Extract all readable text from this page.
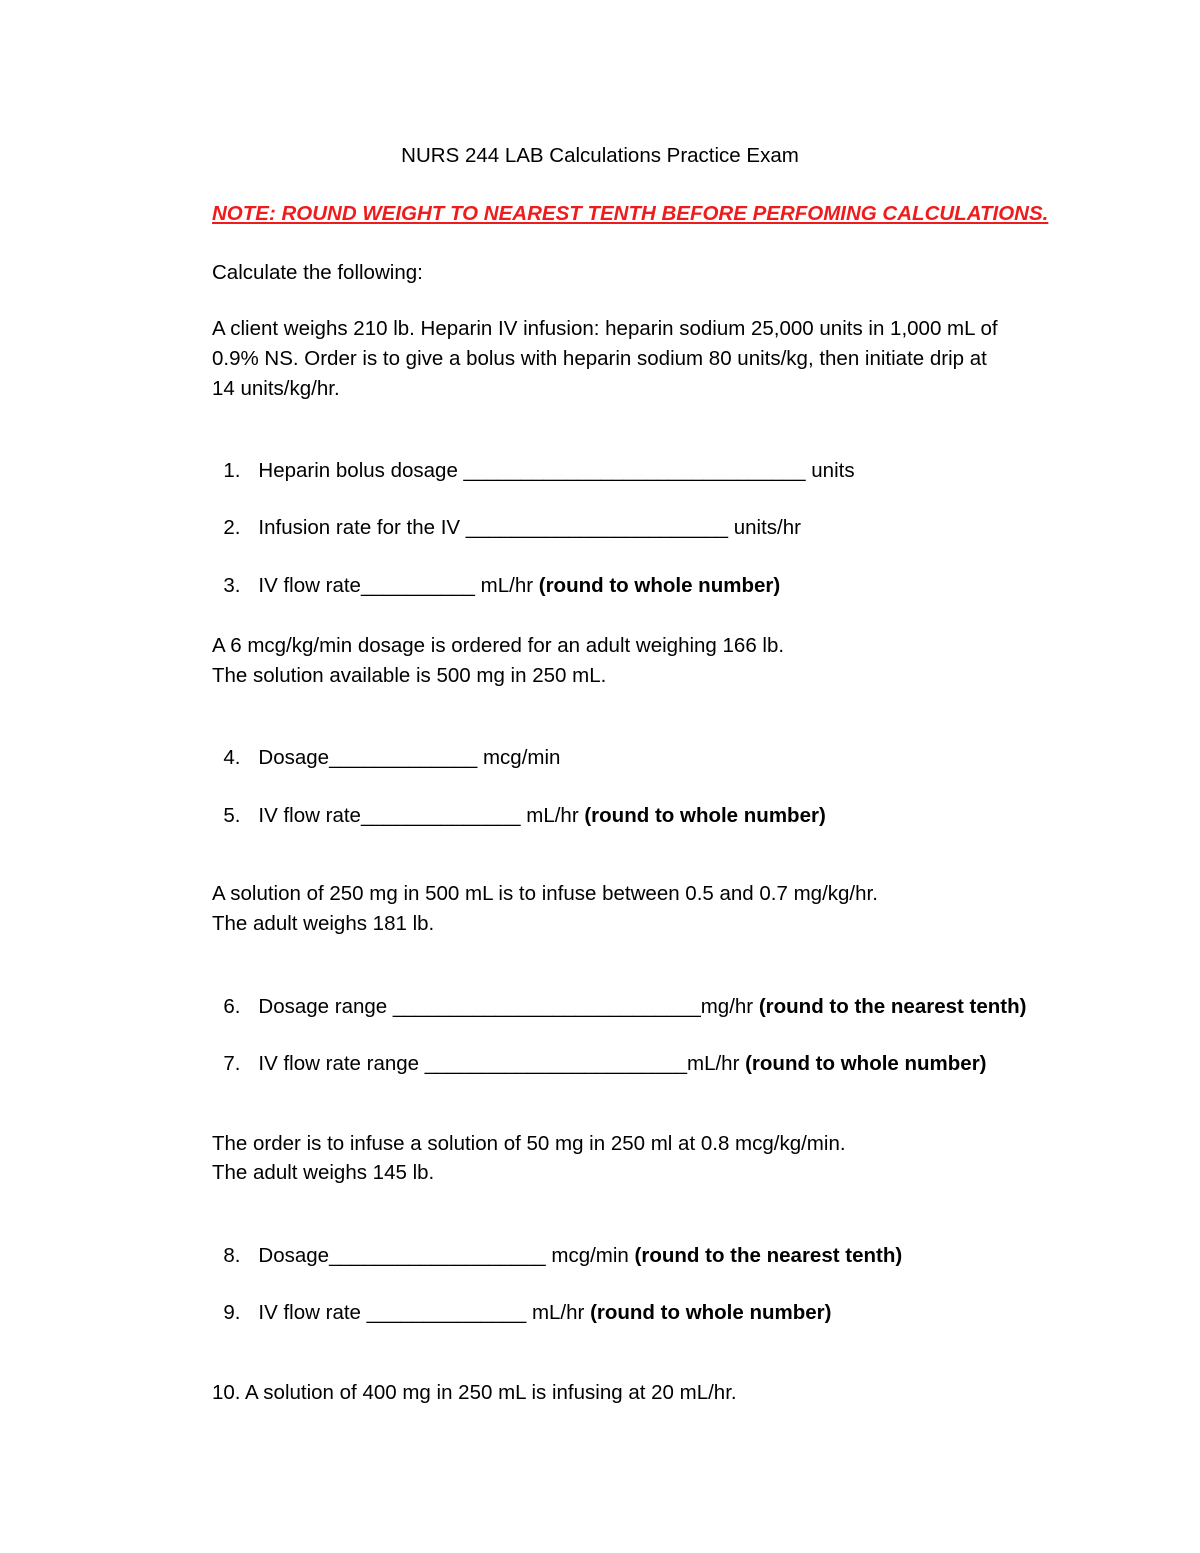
NURS 244 LAB Calculations Practice Exam
NOTE: ROUND WEIGHT TO NEAREST TENTH BEFORE PERFOMING CALCULATIONS.
Calculate the following:
A client weighs 210 lb. Heparin IV infusion: heparin sodium 25,000 units in 1,000 mL of
0.9% NS. Order is to give a bolus with heparin sodium 80 units/kg, then initiate drip at
14 units/kg/hr.

1. Heparin bolus dosage ______________________________ units

2. Infusion rate for the IV _______________________ units/hr

3. IV flow rate__________ mL/hr (round to whole number)

A 6 mcg/kg/min dosage is ordered for an adult weighing 166 lb.
The solution available is 500 mg in 250 mL.

4. Dosage_____________ mcg/min

5. IV flow rate______________ mL/hr (round to whole number)

A solution of 250 mg in 500 mL is to infuse between 0.5 and 0.7 mg/kg/hr.
The adult weighs 181 lb.

6. Dosage range ___________________________mg/hr (round to the nearest tenth)

7. IV flow rate range _______________________mL/hr (round to whole number)

The order is to infuse a solution of 50 mg in 250 ml at 0.8 mcg/kg/min.
The adult weighs 145 lb.

8. Dosage___________________ mcg/min (round to the nearest tenth)

9. IV flow rate ______________ mL/hr (round to whole number)

10. A solution of 400 mg in 250 mL is infusing at 20 mL/hr.
